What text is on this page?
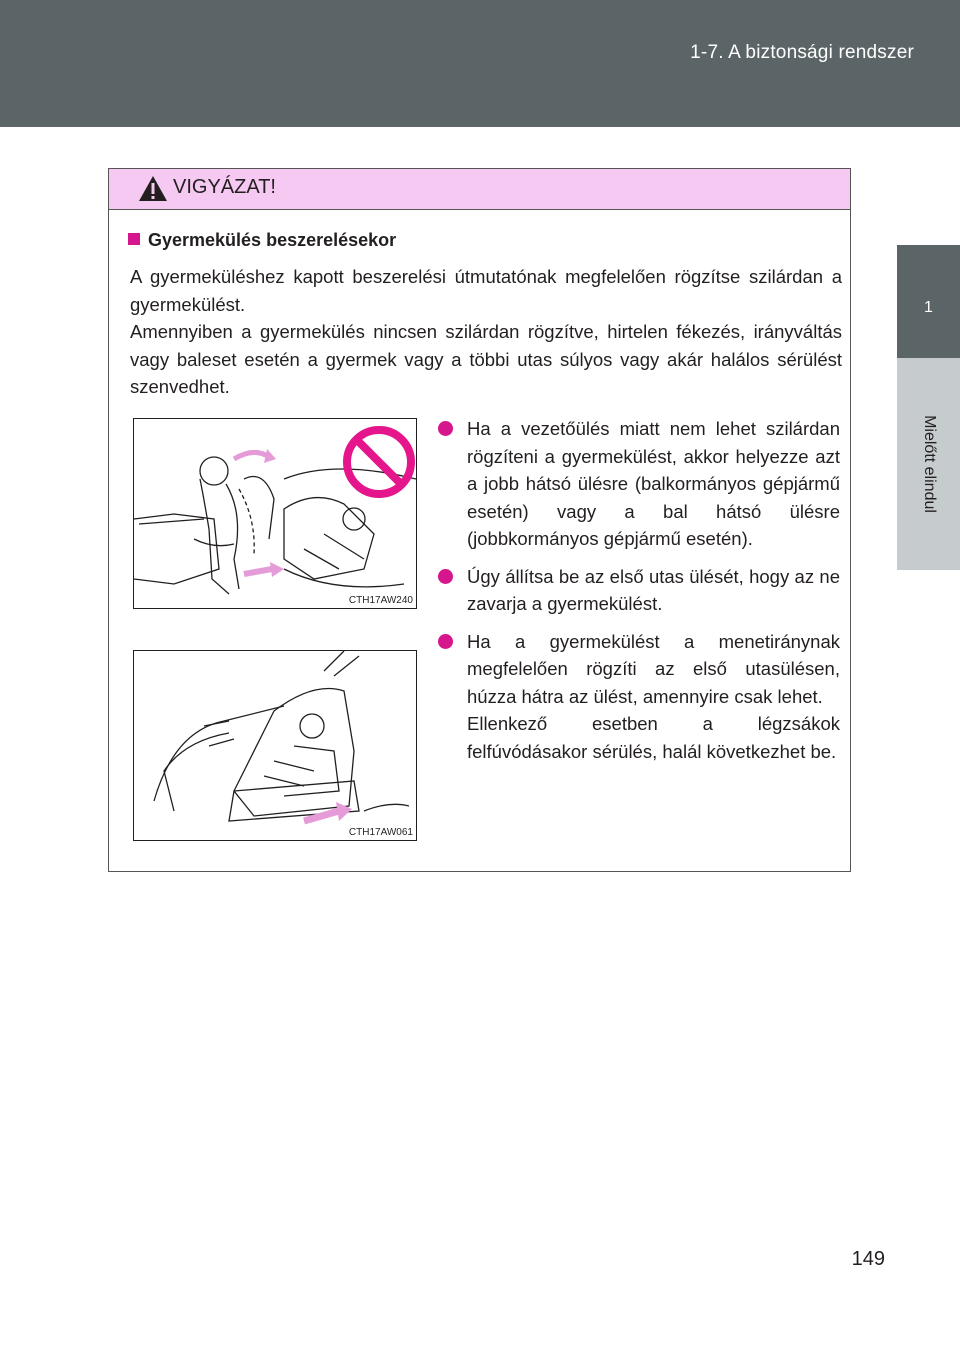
1-7. A biztonsági rendszer
1
Mielőtt elindul
VIGYÁZAT!
Gyermekülés beszerelésekor
A gyermeküléshez kapott beszerelési útmutatónak megfelelően rögzítse szilárdan a gyermekülést.
Amennyiben a gyermekülés nincsen szilárdan rögzítve, hirtelen fékezés, irányváltás vagy baleset esetén a gyermek vagy a többi utas súlyos vagy akár halálos sérülést szenvedhet.
CTH17AW240
CTH17AW061
Ha a vezetőülés miatt nem lehet szilárdan rögzíteni a gyermekülést, akkor helyezze azt a jobb hátsó ülésre (balkormányos gépjármű esetén) vagy a bal hátsó ülésre (jobbkormányos gépjármű esetén).
Úgy állítsa be az első utas ülését, hogy az ne zavarja a gyermekülést.
Ha a gyermekülést a menetiránynak megfelelően rögzíti az első utasülésen, húzza hátra az ülést, amennyire csak lehet.
Ellenkező esetben a légzsákok felfúvódásakor sérülés, halál következhet be.
149
